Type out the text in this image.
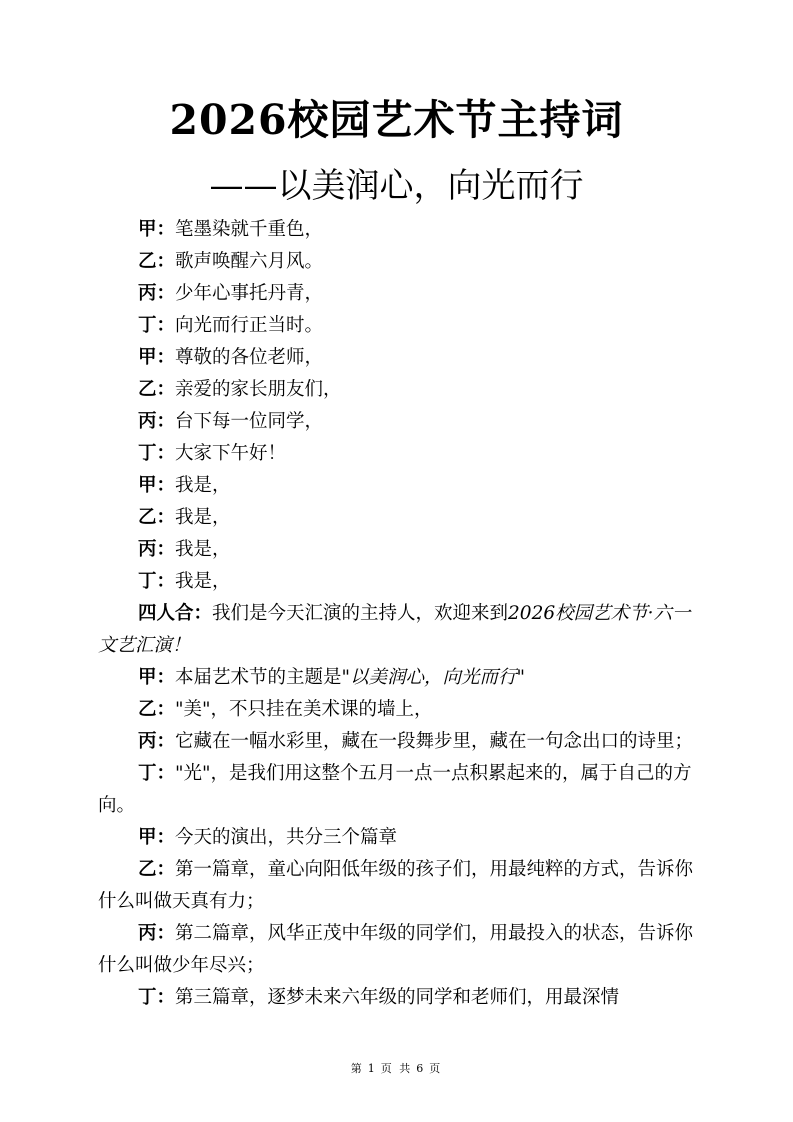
2026校园艺术节主持词
——以美润心，向光而行

甲：笔墨染就千重色，

乙：歌声唤醒六月风。

丙：少年心事托丹青，

丁：向光而行正当时。

甲：尊敬的各位老师，

乙：亲爱的家长朋友们，

丙：台下每一位同学，

丁：大家下午好！

甲：我是，

乙：我是，

丙：我是，

丁：我是，

四人合：我们是今天汇演的主持人，欢迎来到2026校园艺术节·六一文艺汇演！

甲：本届艺术节的主题是"以美润心，向光而行"

乙："美"，不只挂在美术课的墙上，

丙：它藏在一幅水彩里，藏在一段舞步里，藏在一句念出口的诗里；

丁："光"，是我们用这整个五月一点一点积累起来的，属于自己的方向。

甲：今天的演出，共分三个篇章

乙：第一篇章，童心向阳低年级的孩子们，用最纯粹的方式，告诉你什么叫做天真有力；

丙：第二篇章，风华正茂中年级的同学们，用最投入的状态，告诉你什么叫做少年尽兴；

丁：第三篇章，逐梦未来六年级的同学和老师们，用最深情

第 1 页 共 6 页
